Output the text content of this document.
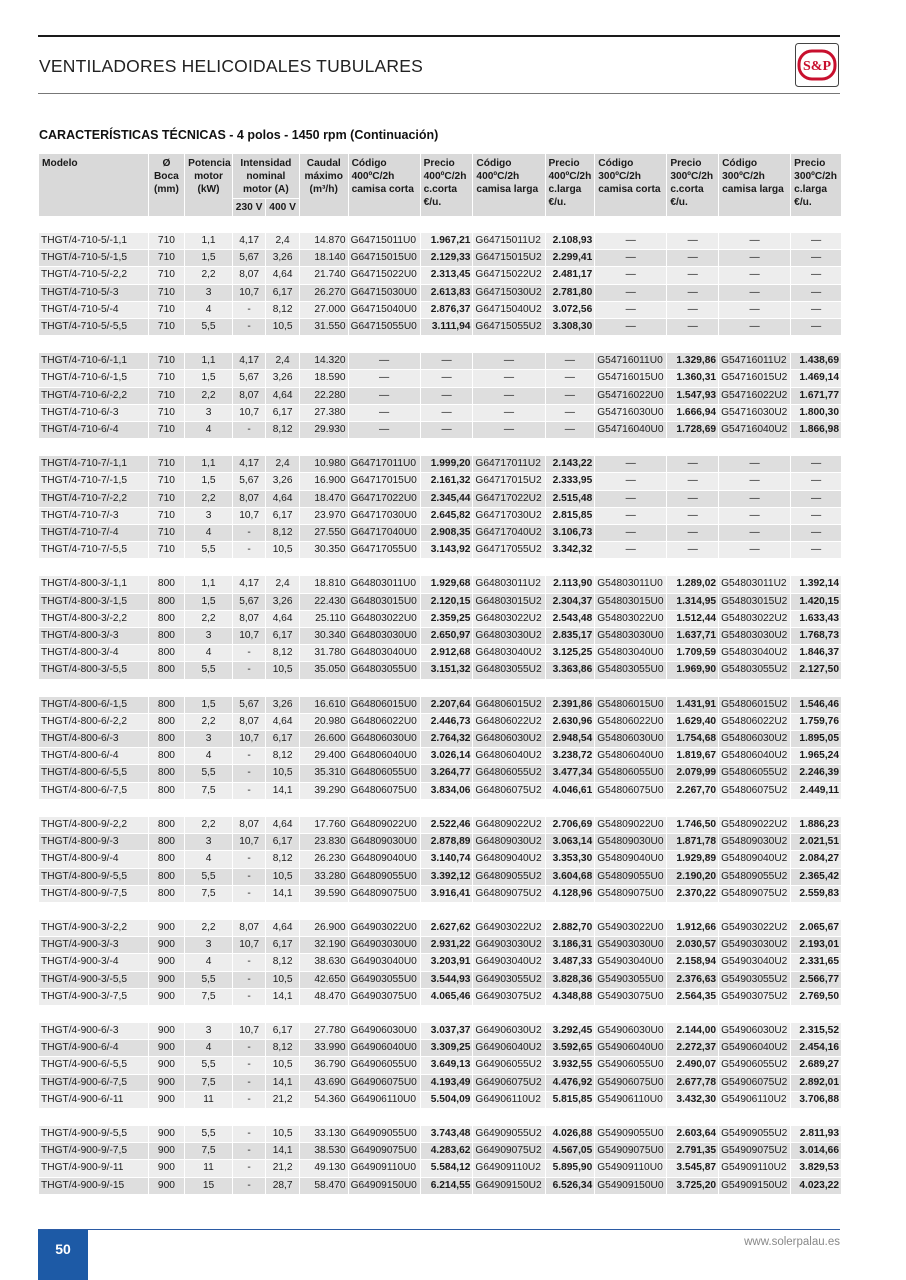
VENTILADORES HELICOIDALES TUBULARES	S&P
CARACTERÍSTICAS TÉCNICAS - 4 polos - 1450 rpm (Continuación)
Modelo	Ø Boca (mm)	Potencia motor (kW)	Intensidad nominal motor (A)		Caudal máximo (m³/h)	Código 400ºC/2h camisa corta	Precio 400ºC/2h c.corta €/u.	Código 400ºC/2h camisa larga	Precio 400ºC/2h c.larga €/u.	Código 300ºC/2h camisa corta	Precio 300ºC/2h c.corta €/u.	Código 300ºC/2h camisa larga	Precio 300ºC/2h c.larga €/u.
			230 V	400 V									

THGT/4-710-5/-1,1	710	1,1	4,17	2,4	14.870	G64715011U0	1.967,21	G64715011U2	2.108,93	—	—	—	—
THGT/4-710-5/-1,5	710	1,5	5,67	3,26	18.140	G64715015U0	2.129,33	G64715015U2	2.299,41	—	—	—	—
THGT/4-710-5/-2,2	710	2,2	8,07	4,64	21.740	G64715022U0	2.313,45	G64715022U2	2.481,17	—	—	—	—
THGT/4-710-5/-3	710	3	10,7	6,17	26.270	G64715030U0	2.613,83	G64715030U2	2.781,80	—	—	—	—
THGT/4-710-5/-4	710	4	-	8,12	27.000	G64715040U0	2.876,37	G64715040U2	3.072,56	—	—	—	—
THGT/4-710-5/-5,5	710	5,5	-	10,5	31.550	G64715055U0	3.111,94	G64715055U2	3.308,30	—	—	—	—

THGT/4-710-6/-1,1	710	1,1	4,17	2,4	14.320	—	—	—	—	G54716011U0	1.329,86	G54716011U2	1.438,69
THGT/4-710-6/-1,5	710	1,5	5,67	3,26	18.590	—	—	—	—	G54716015U0	1.360,31	G54716015U2	1.469,14
THGT/4-710-6/-2,2	710	2,2	8,07	4,64	22.280	—	—	—	—	G54716022U0	1.547,93	G54716022U2	1.671,77
THGT/4-710-6/-3	710	3	10,7	6,17	27.380	—	—	—	—	G54716030U0	1.666,94	G54716030U2	1.800,30
THGT/4-710-6/-4	710	4	-	8,12	29.930	—	—	—	—	G54716040U0	1.728,69	G54716040U2	1.866,98

THGT/4-710-7/-1,1	710	1,1	4,17	2,4	10.980	G64717011U0	1.999,20	G64717011U2	2.143,22	—	—	—	—
THGT/4-710-7/-1,5	710	1,5	5,67	3,26	16.900	G64717015U0	2.161,32	G64717015U2	2.333,95	—	—	—	—
THGT/4-710-7/-2,2	710	2,2	8,07	4,64	18.470	G64717022U0	2.345,44	G64717022U2	2.515,48	—	—	—	—
THGT/4-710-7/-3	710	3	10,7	6,17	23.970	G64717030U0	2.645,82	G64717030U2	2.815,85	—	—	—	—
THGT/4-710-7/-4	710	4	-	8,12	27.550	G64717040U0	2.908,35	G64717040U2	3.106,73	—	—	—	—
THGT/4-710-7/-5,5	710	5,5	-	10,5	30.350	G64717055U0	3.143,92	G64717055U2	3.342,32	—	—	—	—

THGT/4-800-3/-1,1	800	1,1	4,17	2,4	18.810	G64803011U0	1.929,68	G64803011U2	2.113,90	G54803011U0	1.289,02	G54803011U2	1.392,14
THGT/4-800-3/-1,5	800	1,5	5,67	3,26	22.430	G64803015U0	2.120,15	G64803015U2	2.304,37	G54803015U0	1.314,95	G54803015U2	1.420,15
THGT/4-800-3/-2,2	800	2,2	8,07	4,64	25.110	G64803022U0	2.359,25	G64803022U2	2.543,48	G54803022U0	1.512,44	G54803022U2	1.633,43
THGT/4-800-3/-3	800	3	10,7	6,17	30.340	G64803030U0	2.650,97	G64803030U2	2.835,17	G54803030U0	1.637,71	G54803030U2	1.768,73
THGT/4-800-3/-4	800	4	-	8,12	31.780	G64803040U0	2.912,68	G64803040U2	3.125,25	G54803040U0	1.709,59	G54803040U2	1.846,37
THGT/4-800-3/-5,5	800	5,5	-	10,5	35.050	G64803055U0	3.151,32	G64803055U2	3.363,86	G54803055U0	1.969,90	G54803055U2	2.127,50

THGT/4-800-6/-1,5	800	1,5	5,67	3,26	16.610	G64806015U0	2.207,64	G64806015U2	2.391,86	G54806015U0	1.431,91	G54806015U2	1.546,46
THGT/4-800-6/-2,2	800	2,2	8,07	4,64	20.980	G64806022U0	2.446,73	G64806022U2	2.630,96	G54806022U0	1.629,40	G54806022U2	1.759,76
THGT/4-800-6/-3	800	3	10,7	6,17	26.600	G64806030U0	2.764,32	G64806030U2	2.948,54	G54806030U0	1.754,68	G54806030U2	1.895,05
THGT/4-800-6/-4	800	4	-	8,12	29.400	G64806040U0	3.026,14	G64806040U2	3.238,72	G54806040U0	1.819,67	G54806040U2	1.965,24
THGT/4-800-6/-5,5	800	5,5	-	10,5	35.310	G64806055U0	3.264,77	G64806055U2	3.477,34	G54806055U0	2.079,99	G54806055U2	2.246,39
THGT/4-800-6/-7,5	800	7,5	-	14,1	39.290	G64806075U0	3.834,06	G64806075U2	4.046,61	G54806075U0	2.267,70	G54806075U2	2.449,11

THGT/4-800-9/-2,2	800	2,2	8,07	4,64	17.760	G64809022U0	2.522,46	G64809022U2	2.706,69	G54809022U0	1.746,50	G54809022U2	1.886,23
THGT/4-800-9/-3	800	3	10,7	6,17	23.830	G64809030U0	2.878,89	G64809030U2	3.063,14	G54809030U0	1.871,78	G54809030U2	2.021,51
THGT/4-800-9/-4	800	4	-	8,12	26.230	G64809040U0	3.140,74	G64809040U2	3.353,30	G54809040U0	1.929,89	G54809040U2	2.084,27
THGT/4-800-9/-5,5	800	5,5	-	10,5	33.280	G64809055U0	3.392,12	G64809055U2	3.604,68	G54809055U0	2.190,20	G54809055U2	2.365,42
THGT/4-800-9/-7,5	800	7,5	-	14,1	39.590	G64809075U0	3.916,41	G64809075U2	4.128,96	G54809075U0	2.370,22	G54809075U2	2.559,83

THGT/4-900-3/-2,2	900	2,2	8,07	4,64	26.900	G64903022U0	2.627,62	G64903022U2	2.882,70	G54903022U0	1.912,66	G54903022U2	2.065,67
THGT/4-900-3/-3	900	3	10,7	6,17	32.190	G64903030U0	2.931,22	G64903030U2	3.186,31	G54903030U0	2.030,57	G54903030U2	2.193,01
THGT/4-900-3/-4	900	4	-	8,12	38.630	G64903040U0	3.203,91	G64903040U2	3.487,33	G54903040U0	2.158,94	G54903040U2	2.331,65
THGT/4-900-3/-5,5	900	5,5	-	10,5	42.650	G64903055U0	3.544,93	G64903055U2	3.828,36	G54903055U0	2.376,63	G54903055U2	2.566,77
THGT/4-900-3/-7,5	900	7,5	-	14,1	48.470	G64903075U0	4.065,46	G64903075U2	4.348,88	G54903075U0	2.564,35	G54903075U2	2.769,50

THGT/4-900-6/-3	900	3	10,7	6,17	27.780	G64906030U0	3.037,37	G64906030U2	3.292,45	G54906030U0	2.144,00	G54906030U2	2.315,52
THGT/4-900-6/-4	900	4	-	8,12	33.990	G64906040U0	3.309,25	G64906040U2	3.592,65	G54906040U0	2.272,37	G54906040U2	2.454,16
THGT/4-900-6/-5,5	900	5,5	-	10,5	36.790	G64906055U0	3.649,13	G64906055U2	3.932,55	G54906055U0	2.490,07	G54906055U2	2.689,27
THGT/4-900-6/-7,5	900	7,5	-	14,1	43.690	G64906075U0	4.193,49	G64906075U2	4.476,92	G54906075U0	2.677,78	G54906075U2	2.892,01
THGT/4-900-6/-11	900	11	-	21,2	54.360	G64906110U0	5.504,09	G64906110U2	5.815,85	G54906110U0	3.432,30	G54906110U2	3.706,88

THGT/4-900-9/-5,5	900	5,5	-	10,5	33.130	G64909055U0	3.743,48	G64909055U2	4.026,88	G54909055U0	2.603,64	G54909055U2	2.811,93
THGT/4-900-9/-7,5	900	7,5	-	14,1	38.530	G64909075U0	4.283,62	G64909075U2	4.567,05	G54909075U0	2.791,35	G54909075U2	3.014,66
THGT/4-900-9/-11	900	11	-	21,2	49.130	G64909110U0	5.584,12	G64909110U2	5.895,90	G54909110U0	3.545,87	G54909110U2	3.829,53
THGT/4-900-9/-15	900	15	-	28,7	58.470	G64909150U0	6.214,55	G64909150U2	6.526,34	G54909150U0	3.725,20	G54909150U2	4.023,22
50	www.solerpalau.es
